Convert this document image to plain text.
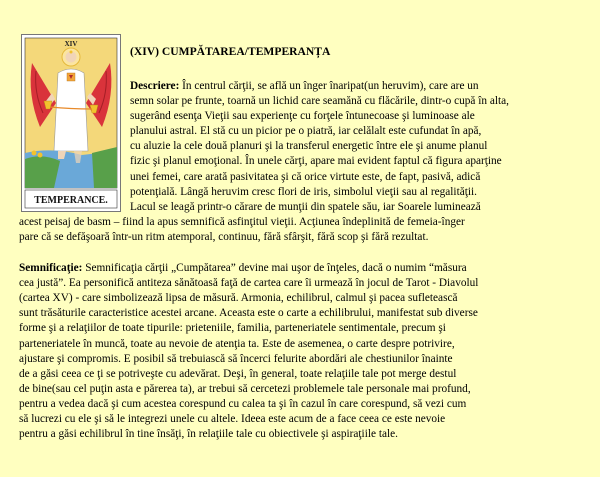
XIV
TEMPERANCE.
(XIV) CUMPĂTAREA/TEMPERANȚA

Descriere: În centrul cărţii, se află un înger înaripat(un heruvim), care are un

semn solar pe frunte, toarnă un lichid care seamănă cu flăcările, dintr-o cupă în alta,

sugerând esenţa Vieţii sau experienţe cu forţele întunecoase şi luminoase ale

planului astral. El stă cu un picior pe o piatră, iar celălalt este cufundat în apă,

cu aluzie la cele două planuri şi la transferul energetic între ele şi anume planul

fizic şi planul emoţional. În unele cărţi, apare mai evident faptul că figura aparţine

unei femei, care arată pasivitatea şi că orice virtute este, de fapt, pasivă, adică

potenţială. Lângă heruvim cresc flori de iris, simbolul vieţii sau al regalităţii.

Lacul se leagă printr-o cărare de munţii din spatele său, iar Soarele luminează

acest peisaj de basm – fiind la apus semnifică asfinţitul vieţii. Acţiunea îndeplinită de femeia-înger

pare că se defăşoară într-un ritm atemporal, continuu, fără sfârşit, fără scop şi fără rezultat.

Semnificaţie: Semnificaţia cărţii „Cumpătarea” devine mai uşor de înţeles, dacă o numim “măsura

cea justă”. Ea personifică antiteza sănătoasă faţă de cartea care îi urmează în jocul de Tarot - Diavolul

(cartea XV) - care simbolizează lipsa de măsură. Armonia, echilibrul, calmul şi pacea sufletească

sunt trăsăturile caracteristice acestei arcane. Aceasta este o carte a echilibrului, manifestat sub diverse

forme şi a relaţiilor de toate tipurile: prieteniile, familia, parteneriatele sentimentale, precum şi

parteneriatele în muncă, toate au nevoie de atenţia ta. Este de asemenea, o carte despre potrivire,

ajustare şi compromis. E posibil să trebuiască să încerci felurite abordări ale chestiunilor înainte

de a găsi ceea ce ţi se potriveşte cu adevărat. Deşi, în general, toate relaţiile tale pot merge destul

de bine(sau cel puţin asta e părerea ta), ar trebui să cercetezi problemele tale personale mai profund,

pentru a vedea dacă şi cum acestea corespund cu calea ta şi în cazul în care corespund, să vezi cum

să lucrezi cu ele şi să le integrezi unele cu altele. Ideea este acum de a face ceea ce este nevoie

pentru a găsi echilibrul în tine însăţi, în relaţiile tale cu obiectivele şi aspiraţiile tale.
